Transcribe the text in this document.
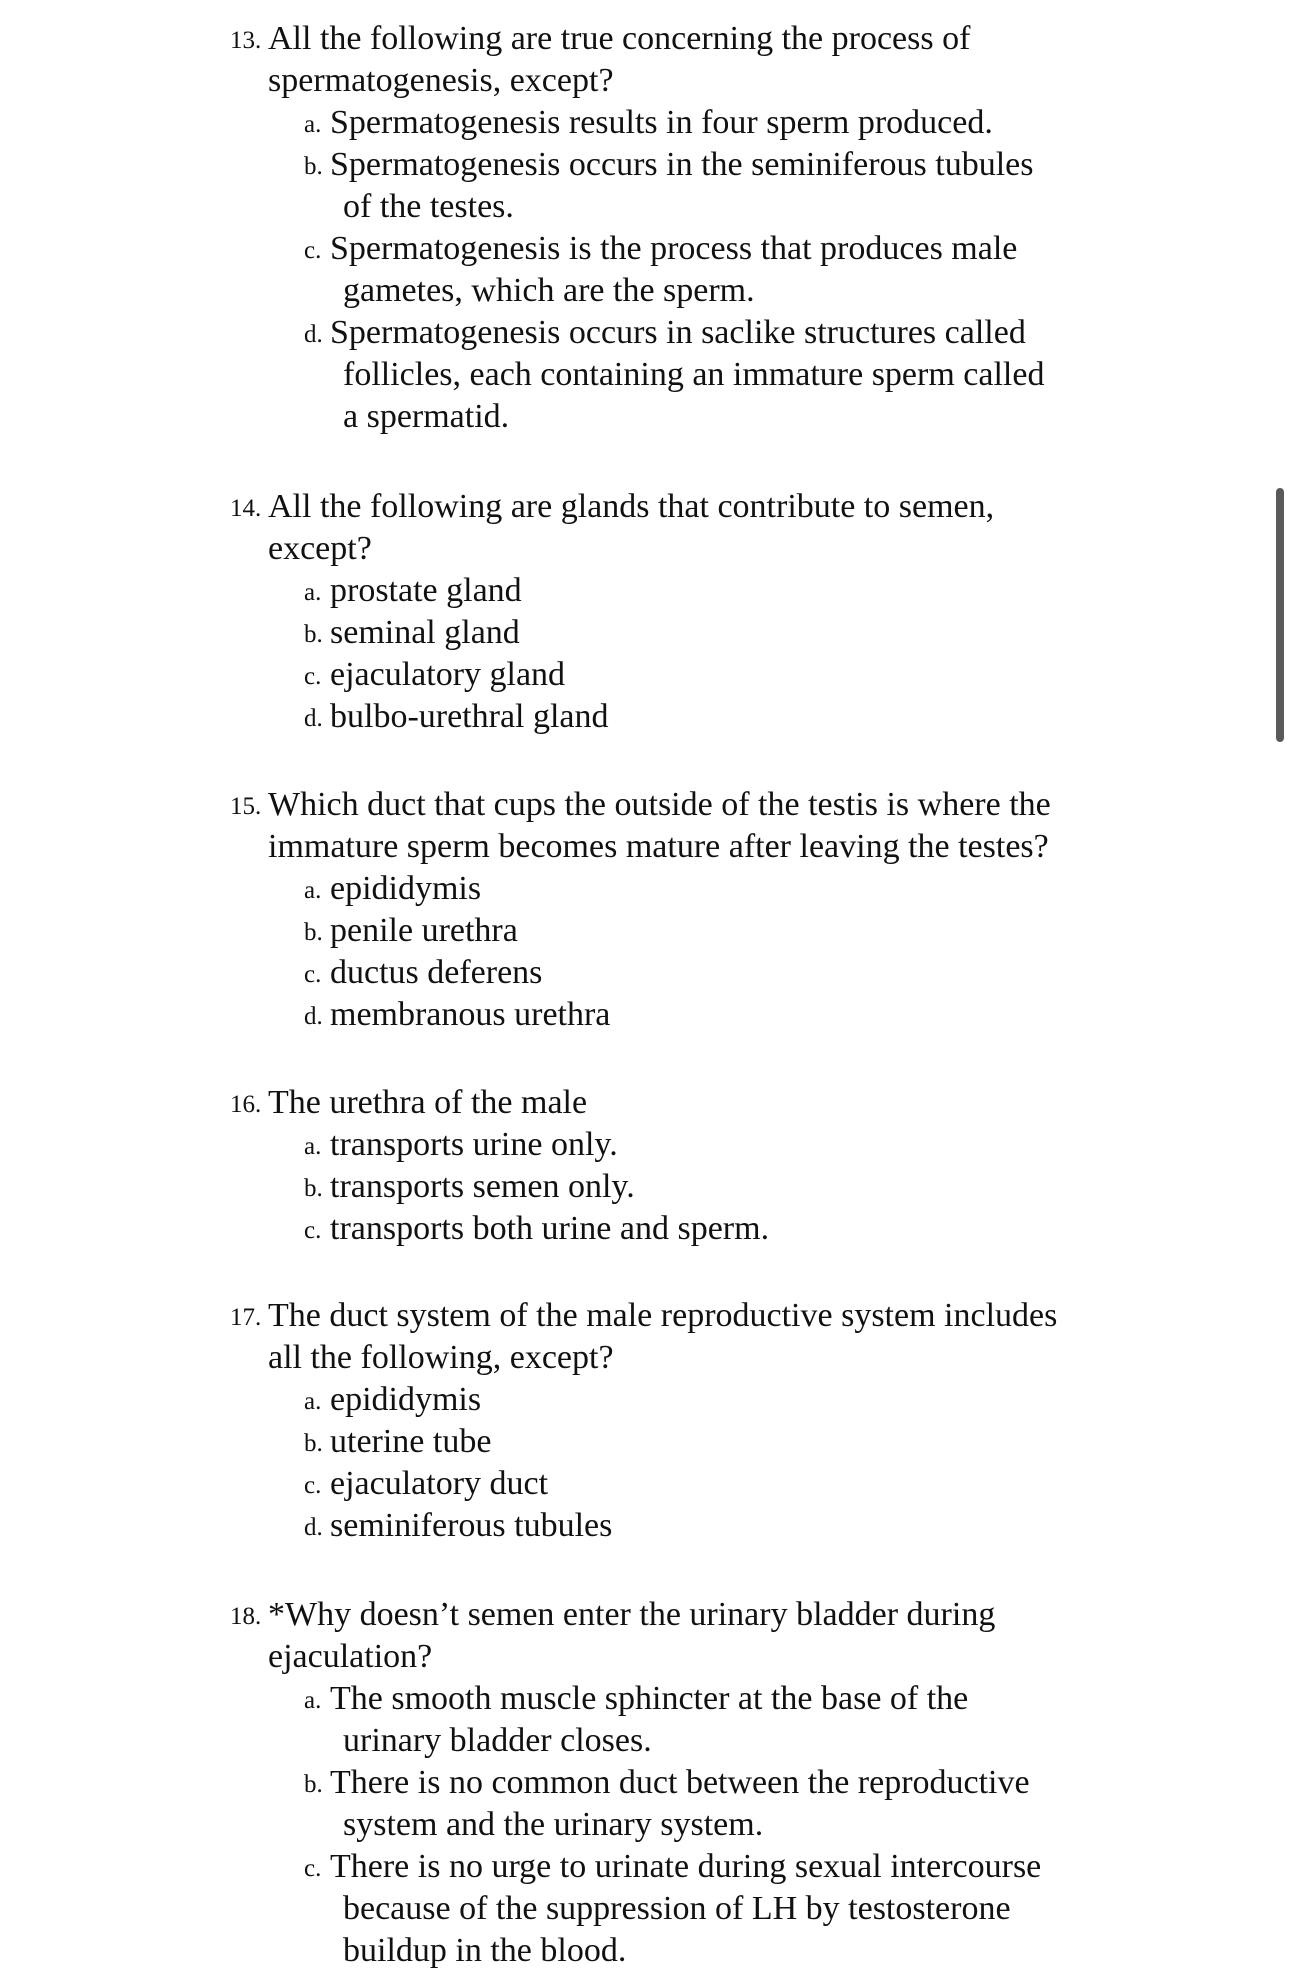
13. All the following are true concerning the process of

spermatogenesis, except?

a. Spermatogenesis results in four sperm produced.

b. Spermatogenesis occurs in the seminiferous tubules

of the testes.

c. Spermatogenesis is the process that produces male

gametes, which are the sperm.

d. Spermatogenesis occurs in saclike structures called

follicles, each containing an immature sperm called

a spermatid.

14. All the following are glands that contribute to semen,

except?

a. prostate gland

b. seminal gland

c. ejaculatory gland

d. bulbo-urethral gland

15. Which duct that cups the outside of the testis is where the

immature sperm becomes mature after leaving the testes?

a. epididymis

b. penile urethra

c. ductus deferens

d. membranous urethra

16. The urethra of the male

a. transports urine only.

b. transports semen only.

c. transports both urine and sperm.

17. The duct system of the male reproductive system includes

all the following, except?

a. epididymis

b. uterine tube

c. ejaculatory duct

d. seminiferous tubules

18. *Why doesn’t semen enter the urinary bladder during

ejaculation?

a. The smooth muscle sphincter at the base of the

urinary bladder closes.

b. There is no common duct between the reproductive

system and the urinary system.

c. There is no urge to urinate during sexual intercourse

because of the suppression of LH by testosterone

buildup in the blood.
